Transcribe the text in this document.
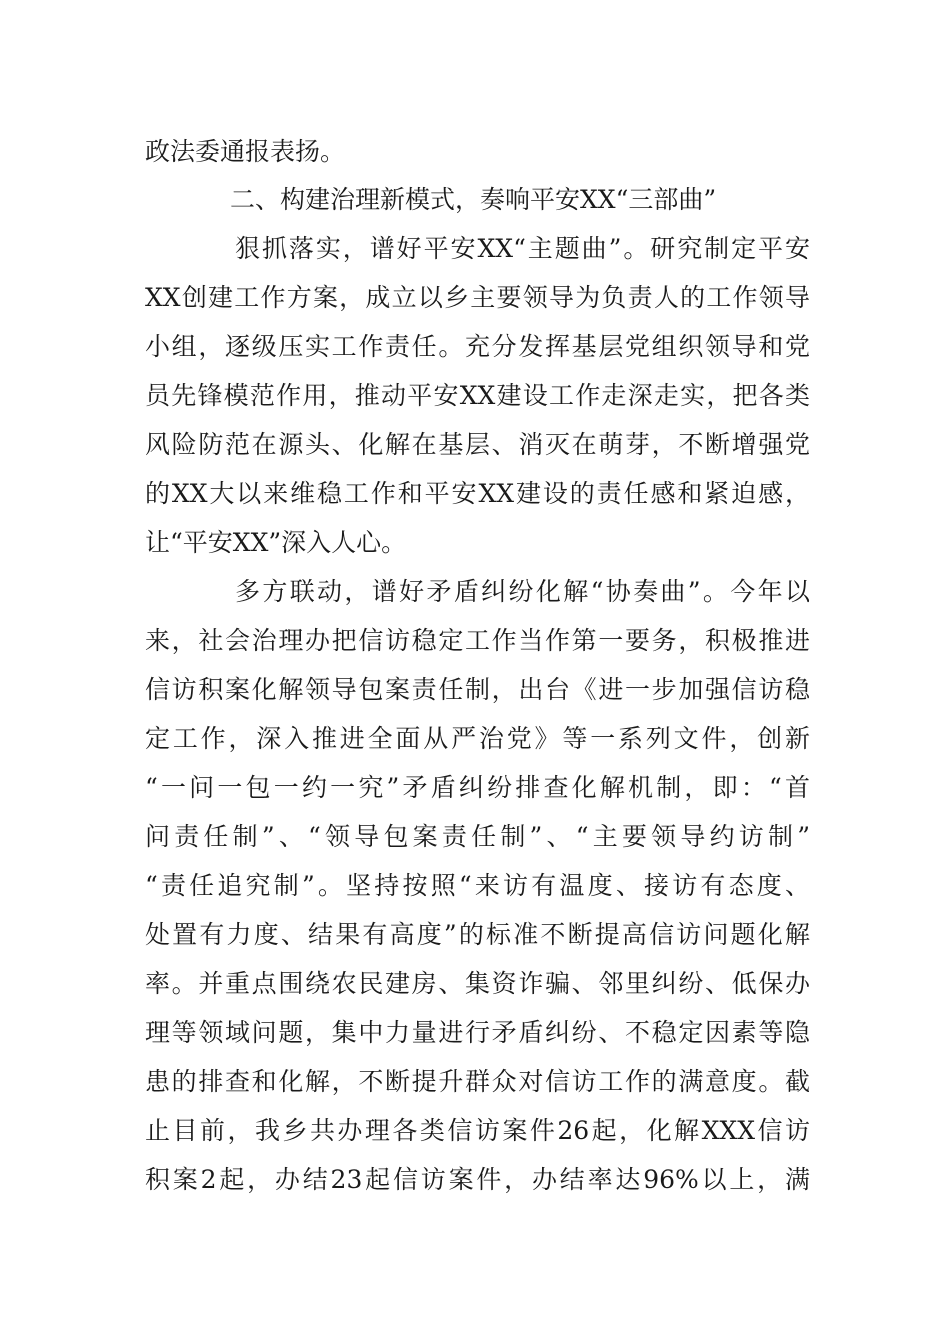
政法委通报表扬。
二、构建治理新模式，奏响平安XX“三部曲”
狠抓落实，谱好平安XX“主题曲”。研究制定平安
XX创建工作方案，成立以乡主要领导为负责人的工作领导
小组，逐级压实工作责任。充分发挥基层党组织领导和党
员先锋模范作用，推动平安XX建设工作走深走实，把各类
风险防范在源头、化解在基层、消灭在萌芽，不断增强党
的XX大以来维稳工作和平安XX建设的责任感和紧迫感，
让“平安XX”深入人心。
多方联动，谱好矛盾纠纷化解“协奏曲”。今年以
来，社会治理办把信访稳定工作当作第一要务，积极推进
信访积案化解领导包案责任制，出台《进一步加强信访稳
定工作，深入推进全面从严治党》等一系列文件，创新
“一问一包一约一究”矛盾纠纷排查化解机制，即：“首
问责任制”、“领导包案责任制”、“主要领导约访制”
“责任追究制”。坚持按照“来访有温度、接访有态度、
处置有力度、结果有高度”的标准不断提高信访问题化解
率。并重点围绕农民建房、集资诈骗、邻里纠纷、低保办
理等领域问题，集中力量进行矛盾纠纷、不稳定因素等隐
患的排查和化解，不断提升群众对信访工作的满意度。截
止目前，我乡共办理各类信访案件26起，化解XXX信访
积案2起，办结23起信访案件，办结率达96%以上，满
